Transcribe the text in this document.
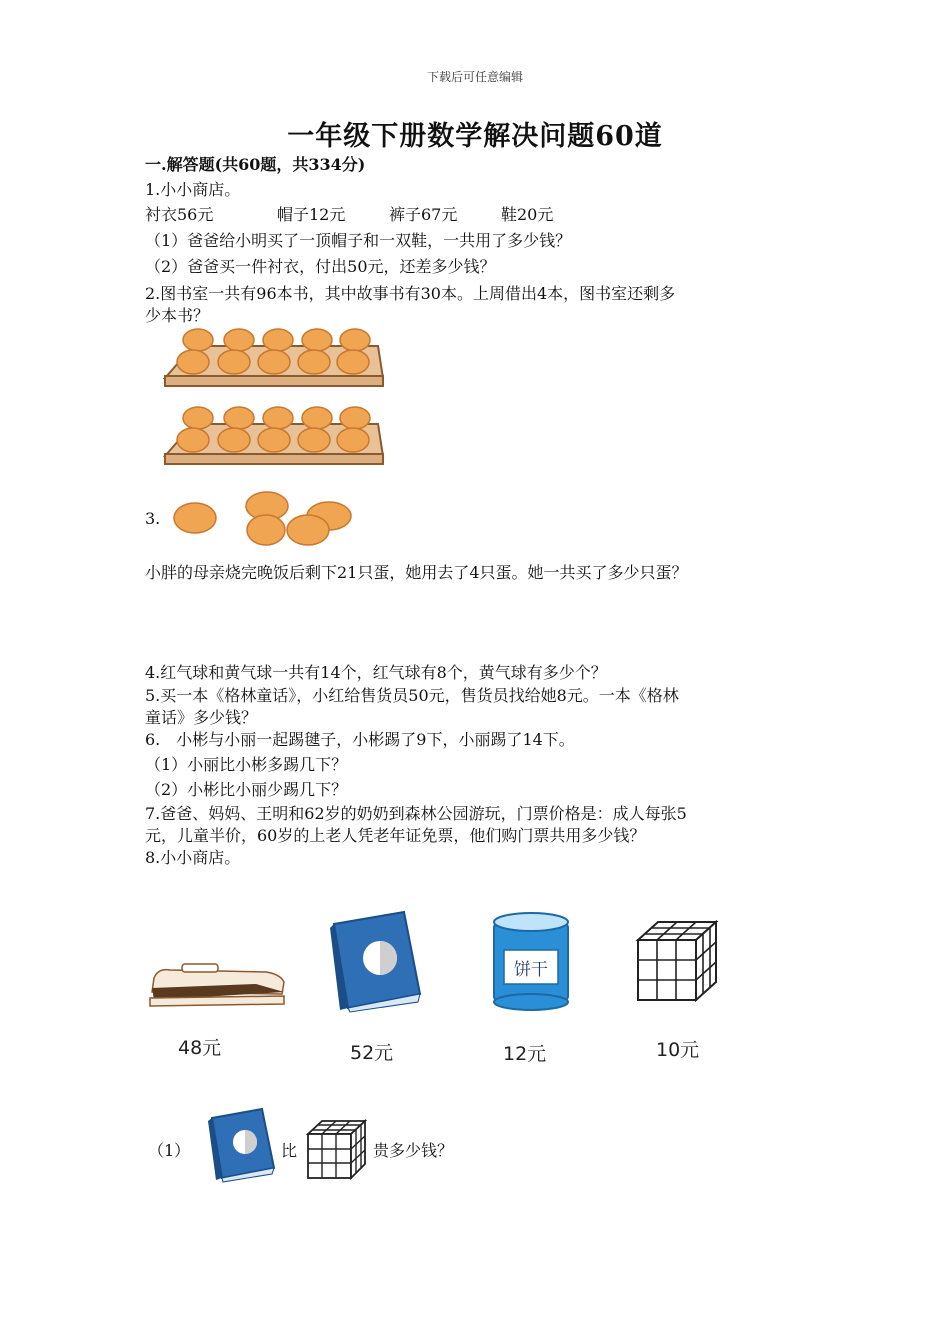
下载后可任意编辑
一年级下册数学解决问题60道
一.解答题(共60题，共334分)
1.小小商店。
衬衣56元	帽子12元	裤子67元	鞋20元
（1）爸爸给小明买了一顶帽子和一双鞋，一共用了多少钱？
（2）爸爸买一件衬衣，付出50元，还差多少钱？
2.图书室一共有96本书，其中故事书有30本。上周借出4本，图书室还剩多
少本书？
3.
小胖的母亲烧完晚饭后剩下21只蛋，她用去了4只蛋。她一共买了多少只蛋？
4.红气球和黄气球一共有14个，红气球有8个，黄气球有多少个？
5.买一本《格林童话》，小红给售货员50元，售货员找给她8元。一本《格林
童话》多少钱？
6.　小彬与小丽一起踢毽子，小彬踢了9下，小丽踢了14下。
（1）小丽比小彬多踢几下？
（2）小彬比小丽少踢几下？
7.爸爸、妈妈、王明和62岁的奶奶到森林公园游玩，门票价格是：成人每张5
元，儿童半价，60岁的上老人凭老年证免票，他们购门票共用多少钱？
8.小小商店。
饼干
48元	52元	12元	10元
（1）	比	贵多少钱？
